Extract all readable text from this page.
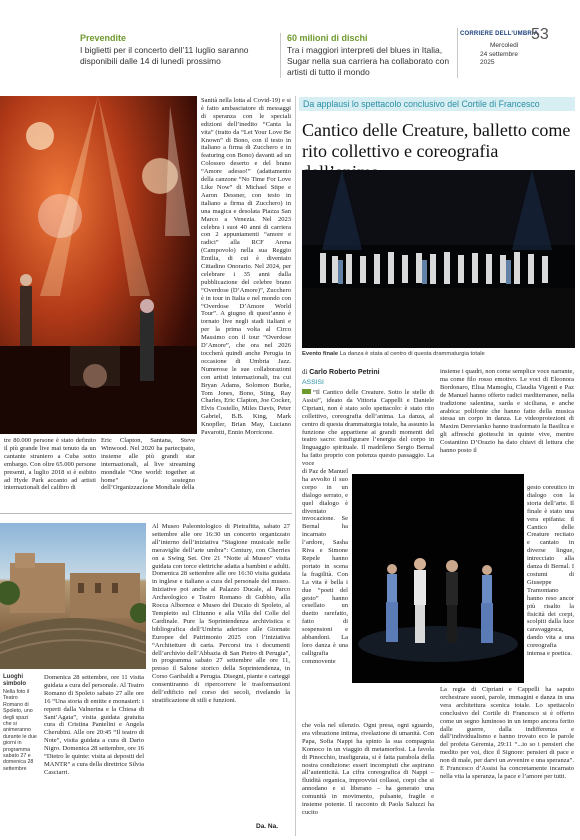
Prevendite
I biglietti per il concerto dell’11 luglio saranno disponibili dalle 14 di lunedì prossimo
60 milioni di dischi
Tra i maggiori interpreti del blues in Italia, Sugar nella sua carriera ha collaborato con artisti di tutto il mondo
CORRIERE DELL’UMBRIA
Mercoledì
24 settembre 2025
53
tre 80.000 persone è stato definito il più grande live mai tenuto da un cantante straniero a Cuba sotto embargo. Con oltre 65.000 persone presenti, a luglio 2018 si è esibito ad Hyde Park accanto ad artisti internazionali del calibro di
Eric Clapton, Santana, Steve Winwood. Nel 2020 ha partecipato, insieme alle più grandi star internazionali, al live streaming mondiale “One world: together at home” (a sostegno dell’Organizzazione Mondiale della
Sanità nella lotta al Covid-19) e si è fatto ambasciatore di messaggi di speranza con le speciali edizioni dell’inedito “Canta la vita” (tratto da “Let Your Love Be Known” di Bono, con il testo in italiano a firma di Zucchero e in featuring con Bono) davanti ad un Colosseo deserto e del brano “Amore adesso!” (adattamento della canzone “No Time For Love Like Now” di Michael Stipe e Aaron Dessner, con testo in italiano a firma di Zucchero) in una magica e desolata Piazza San Marco a Venezia. Nel 2023 celebra i suoi 40 anni di carriera con 2 appuntamenti “amore e radici” alla RCF Arena (Campovolo) nella sua Reggio Emilia, di cui è diventato Cittadino Onorario. Nel 2024, per celebrare i 35 anni dalla pubblicazione del celebre brano “Overdose (D’Amore)”, Zucchero è in tour in Italia e nel mondo con “Overdose D’Amore World Tour”. A giugno di quest’anno è tornato live negli stadi italiani e per la prima volta al Circo Massimo con il tour “Overdose D’Amore”, che ora nel 2026 toccherà quindi anche Perugia in occasione di Umbria Jazz. Numerose le sue collaborazioni con artisti internazionali, tra cui Bryan Adams, Solomon Burke, Tom Jones, Bono, Sting, Ray Charles, Eric Clapton, Joe Cocker, Elvis Costello, Miles Davis, Peter Gabriel, B.B. King, Mark Knopfler, Brian May, Luciano Pavarotti, Ennio Morricone.
Luoghi simbolo
Nella foto il Teatro Romano di Spoleto, uno degli spazi che si animeranno durante le due giorni in programma sabato 27 e domenica 28 settembre
Domenica 28 settembre, ore 11 visita guidata a cura del personale. Al Teatro Romano di Spoleto sabato 27 alle ore 16 “Una storia di emitte e monasteri: i reperti dalla Valnerina e la Chiesa di Sant’Agata”, visita guidata gratuita cura di Cristina Pantelini e Angela Cherubini. Alle ore 20:45 “Il teatro di Note”, visita guidata a cura di Dario Nigro. Domenica 28 settembre, ore 16 “Dietro le quinte: visita ai depositi del MANTR” a cura della direttrice Silvia Casciarri.
Al Museo Paleontologico di Pietrafitta, sabato 27 settembre alle ore 16:30 un concerto organizzato all’interno dell’iniziativa “Stagione musicale nelle meraviglie dell’arte umbra”: Century, con Cherries on a Swing Set. Ore 21 “Notte al Museo” visita guidata con torce elettriche adatta a bambini e adulti. Domenica 28 settembre alle ore 16:30 visita guidata in inglese e italiano a cura del personale del museo. Iniziative poi anche al Palazzo Ducale, al Parco Archeologico e Teatro Romano di Gubbio, alla Rocca Albornoz e Museo del Ducato di Spoleto, al Tempietto sul Clitunno e alla Villa del Colle del Cardinale. Pure la Soprintendenza archivistica e bibliografica dell’Umbria aderisce alle Giornate Europee del Patrimonio 2025 con l’iniziativa “Architetture di carta. Percorsi tra i documenti dell’archivio dell’Abbazia di San Pietro di Perugia”, in programma sabato 27 settembre alle ore 11, presso il Salone storico della Soprintendenza, in Corso Garibaldi a Perugia. Disegni, piante e carteggi consentiranno di ripercorrere le trasformazioni dell’edificio nel corso dei secoli, rivelando la stratificazione di stili e funzioni.
Da. Na.
Da applausi lo spettacolo conclusivo del Cortile di Francesco
Cantico delle Creature, balletto come rito collettivo e coreografia
Evento finale La danza è stata al centro di questa drammaturgia totale
di Carlo Roberto Petrini
ASSISI
“Il Cantico delle Creature. Sotto le stelle di Assisi”, ideato da Vittoria Cappelli e Daniele Cipriani, non è stato solo spettacolo: è stato rito collettivo, coreografia dell’anima. La danza, al centro di questa drammaturgia totale, ha assunto la funzione che appartiene ai grandi momenti del teatro sacro: trasfigurare l’energia del corpo in linguaggio spirituale. Il madrileno Sergio Bernal ha fatto proprio con potenza questo passaggio. La voce
di Paz de Manuel ha avvolto il suo corpo in un dialogo serrato, e quel dialogo è diventato invocazione. Se Bernal ha incarnato l’ardore, Sasha Riva e Simone Repele hanno portato in scena la fragilità. Con La vita è bella i due “poeti del gesto” hanno cesellato un duetto rarefatto, fatto di sospensioni e abbandoni. La loro danza è una calligrafia commovente
che vola nel silenzio. Ogni presa, ogni sguardo, era vibrazione intima, rivelazione di umanità. Con Papa, Sofia Nappi ha spinto la sua compagnia Komoco in un viaggio di metamorfosi. La favola di Pinocchio, trasfigurata, si è fatta parabola della nostra condizione: esseri incompiuti che aspirano all’autenticità. La cifra coreografica di Nappi – fluidità organica, improvvisi collassi, corpi che si annodano e si liberano – ha generato una comunità in movimento, pulsante, fragile e insieme potente. Il racconto di Paola Saluzzi ha cucito
insieme i quadri, non come semplice voce narrante, ma come filo rosso emotivo. Le voci di Eleonora Bordonaro, Elisa Mamoglu, Claudia Vigenti e Paz de Manuel hanno offerto radici mediterranee, nella tradizione salentina, sarda e siciliana, e anche arabica: polifonie che hanno fatto della musica stessa un corpo in danza. Le videoproiezioni di Maxim Derevianko hanno trasformato la Basilica e gli affreschi giotteschi in quinte vive, mentre Costantino D’Orazio ha dato chiavi di lettura che hanno posto il
gesto coreutico in dialogo con la storia dell’arte. Il finale è stato una vera epifania: il Cantico delle Creature recitato e cantato in diverse lingue, intrecciato alla danza di Bernal. I costumi di Giuseppe Tramontano hanno reso ancor più risalto la fisicità dei corpi, scolpiti dalla luce caravaggesca, dando vita a una coreografia intensa e poetica.
La regia di Cipriani e Cappelli ha saputo orchestrare suoni, parole, immagini e danza in una vera architettura scenica totale. Lo spettacolo conclusivo del Cortile di Francesco si è offerto come un segno luminoso in un tempo ancora ferito dalle guerre, dalla indifferenza e dall’individualismo e hanno trovato eco le parole del profeta Geremia, 29:11 “...io so i pensieri che medito per voi, dice il Signore: pensieri di pace e non di male, per darvi un avvenire e una speranza”. E Francesco d’Assisi ha concretamente incarnato nella vita la speranza, la pace e l’amore per tutti.
